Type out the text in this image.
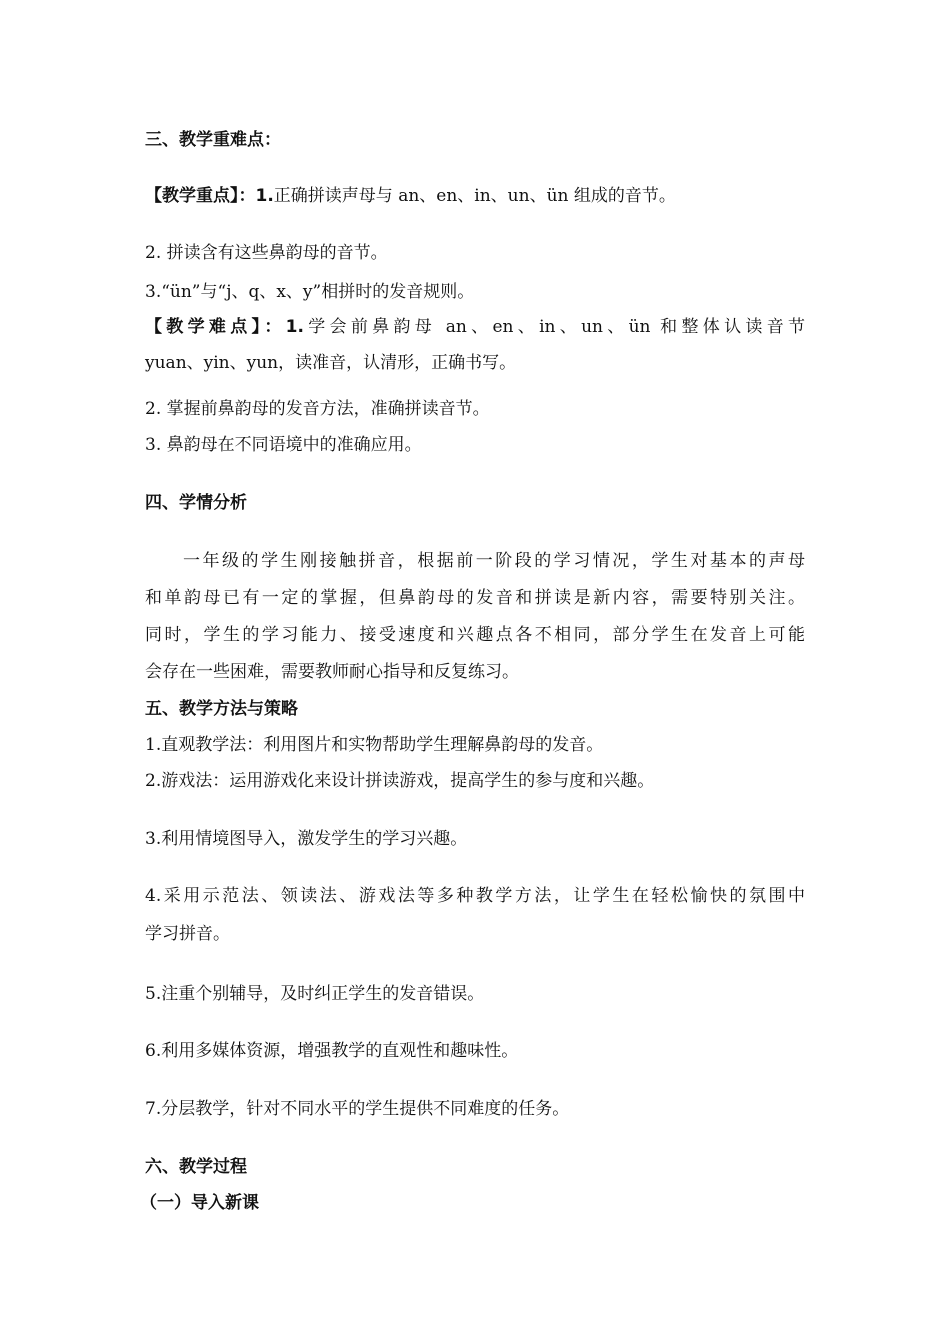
三、教学重难点：
【教学重点】：1.正确拼读声母与 an、en、in、un、ün 组成的音节。
2. 拼读含有这些鼻韵母的音节。
3.“ün”与“j、q、x、y”相拼时的发音规则。
【教学难点】：1.学会前鼻韵母 an、en、in、un、ün 和整体认读音节
yuan、yin、yun，读准音，认清形，正确书写。
2. 掌握前鼻韵母的发音方法，准确拼读音节。
3. 鼻韵母在不同语境中的准确应用。
四、学情分析
一年级的学生刚接触拼音，根据前一阶段的学习情况，学生对基本的声母
和单韵母已有一定的掌握，但鼻韵母的发音和拼读是新内容，需要特别关注。
同时，学生的学习能力、接受速度和兴趣点各不相同，部分学生在发音上可能
会存在一些困难，需要教师耐心指导和反复练习。
五、教学方法与策略
1.直观教学法：利用图片和实物帮助学生理解鼻韵母的发音。
2.游戏法：运用游戏化来设计拼读游戏，提高学生的参与度和兴趣。
3.利用情境图导入，激发学生的学习兴趣。
4.采用示范法、领读法、游戏法等多种教学方法，让学生在轻松愉快的氛围中
学习拼音。
5.注重个别辅导，及时纠正学生的发音错误。
6.利用多媒体资源，增强教学的直观性和趣味性。
7.分层教学，针对不同水平的学生提供不同难度的任务。
六、教学过程
（一）导入新课
